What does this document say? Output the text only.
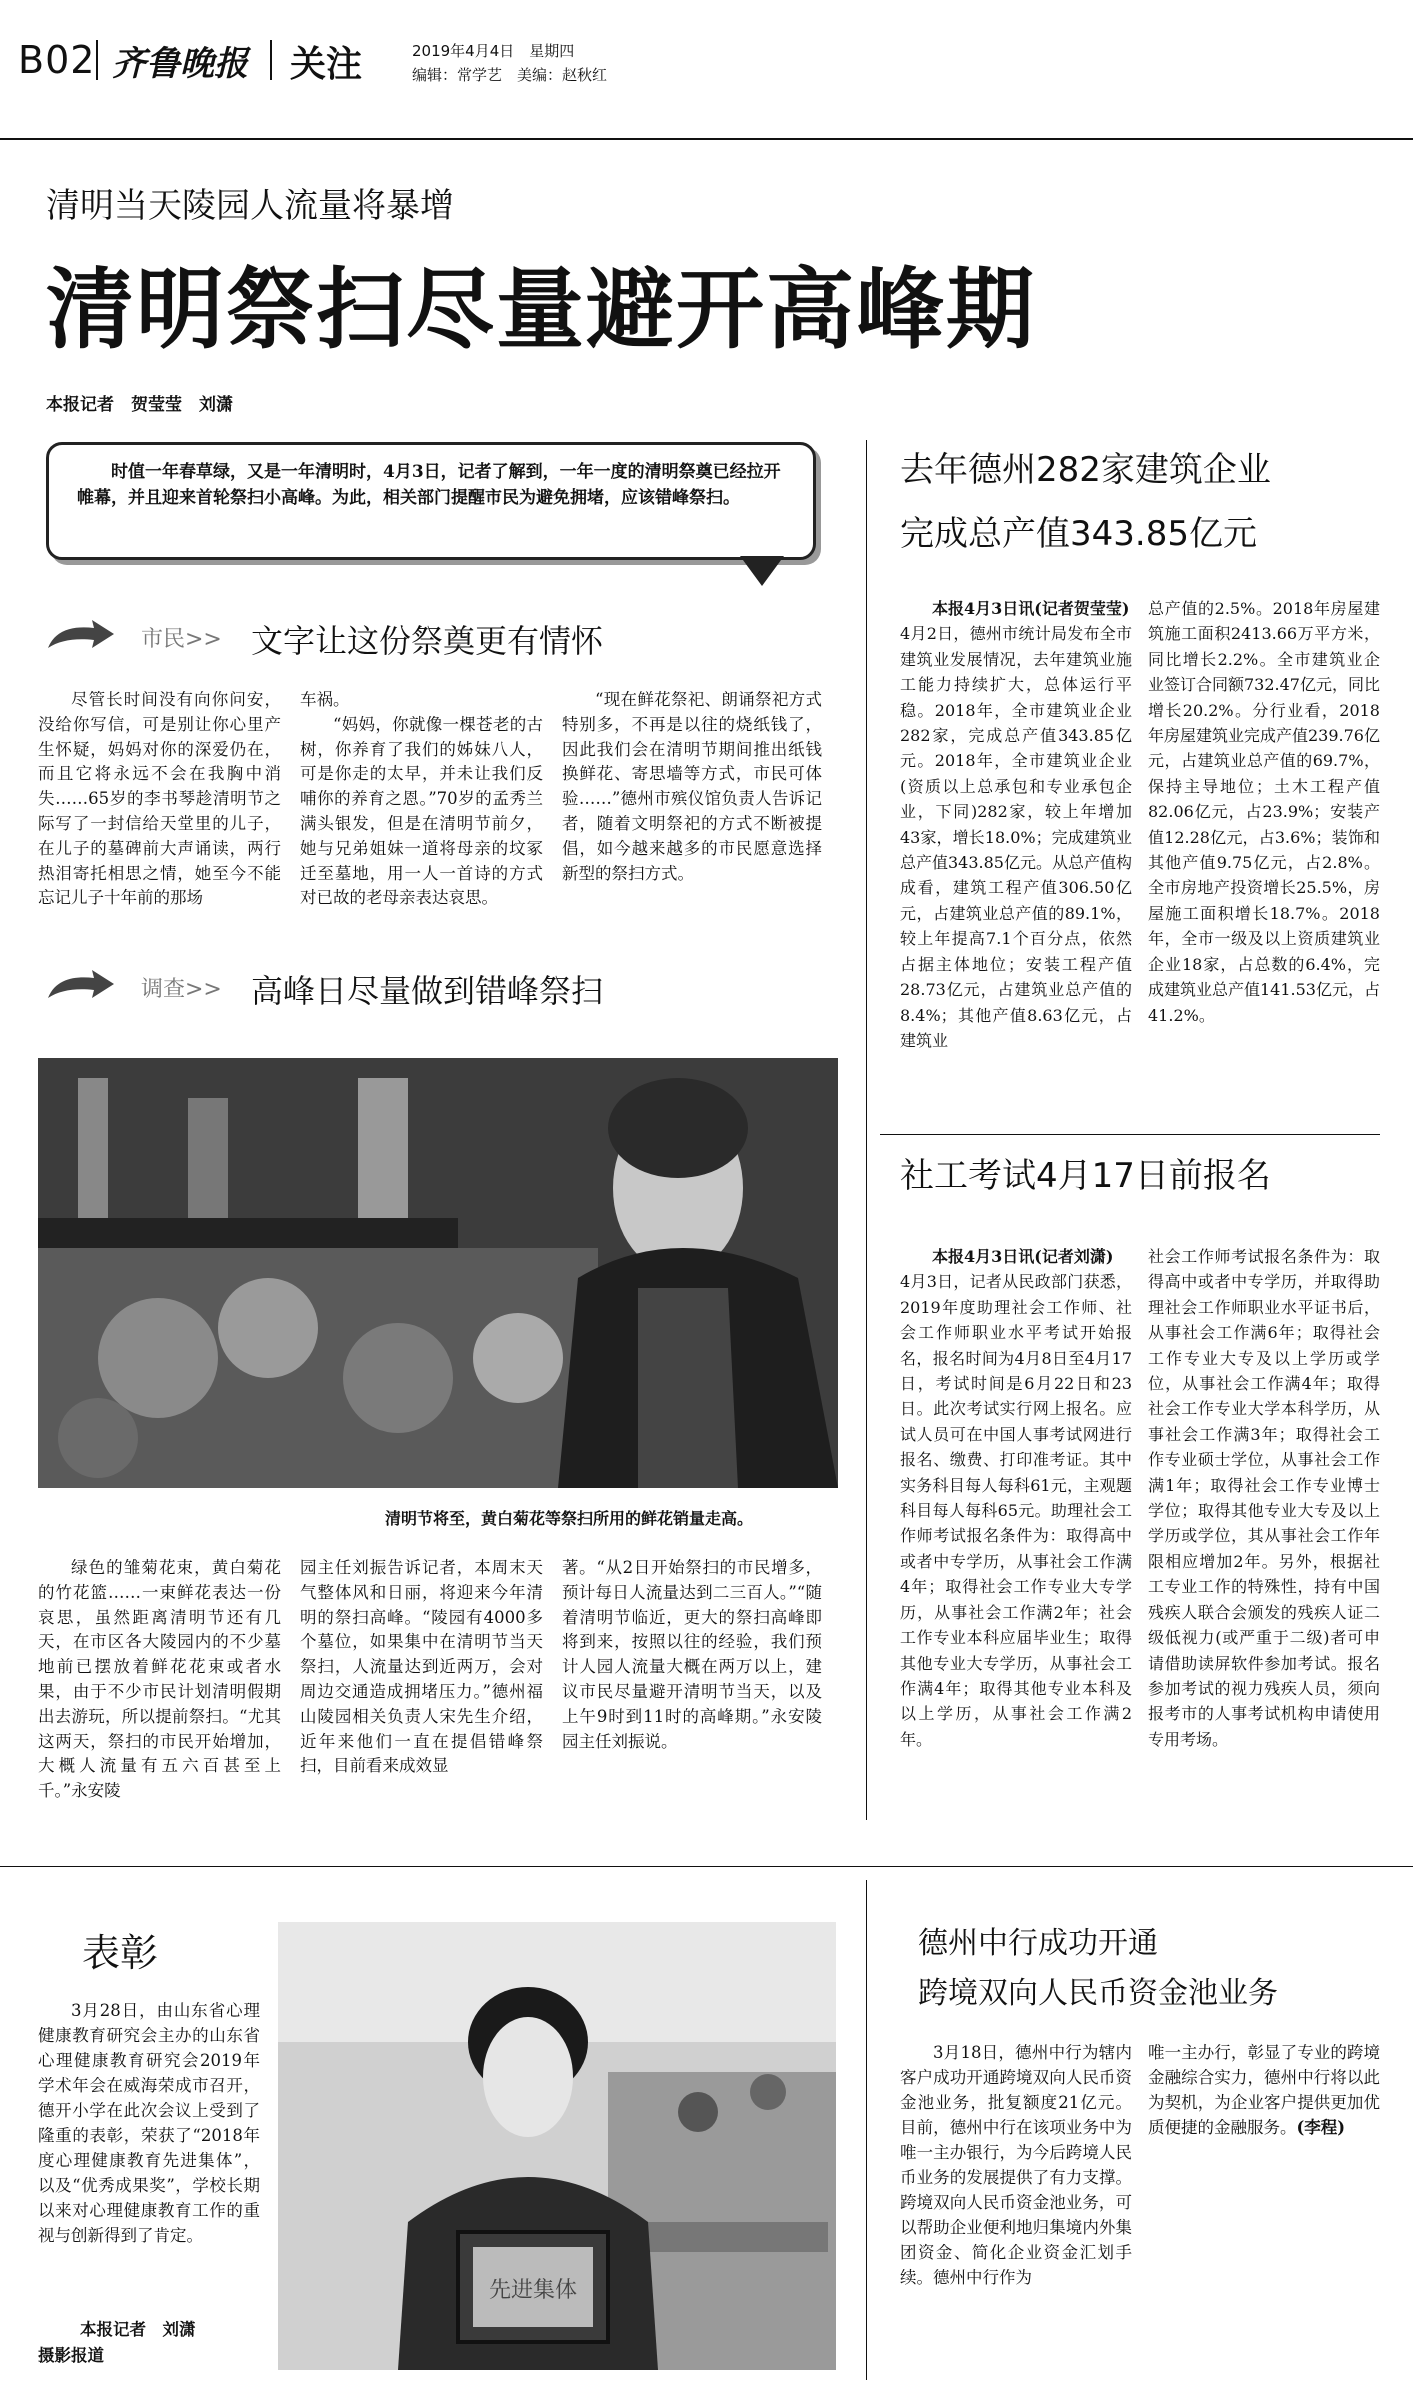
B02 齐鲁晚报 关注	2019年4月4日　星期四
编辑：常学艺　美编：赵秋红
清明当天陵园人流量将暴增
清明祭扫尽量避开高峰期
本报记者　贺莹莹　刘潇
时值一年春草绿，又是一年清明时，4月3日，记者了解到，一年一度的清明祭奠已经拉开帷幕，并且迎来首轮祭扫小高峰。为此，相关部门提醒市民为避免拥堵，应该错峰祭扫。
市民>> 文字让这份祭奠更有情怀

尽管长时间没有向你问安，没给你写信，可是别让你心里产生怀疑，妈妈对你的深爱仍在，而且它将永远不会在我胸中消失……65岁的李书琴趁清明节之际写了一封信给天堂里的儿子，在儿子的墓碑前大声诵读，两行热泪寄托相思之情，她至今不能忘记儿子十年前的那场

车祸。

“妈妈，你就像一棵苍老的古树，你养育了我们的姊妹八人，可是你走的太早，并未让我们反哺你的养育之恩。”70岁的孟秀兰满头银发，但是在清明节前夕，她与兄弟姐妹一道将母亲的坟冢迁至墓地，用一人一首诗的方式对已故的老母亲表达哀思。

“现在鲜花祭祀、朗诵祭祀方式特别多，不再是以往的烧纸钱了，因此我们会在清明节期间推出纸钱换鲜花、寄思墙等方式，市民可体验……”德州市殡仪馆负责人告诉记者，随着文明祭祀的方式不断被提倡，如今越来越多的市民愿意选择新型的祭扫方式。

调查>> 高峰日尽量做到错峰祭扫
清明节将至，黄白菊花等祭扫所用的鲜花销量走高。

绿色的雏菊花束，黄白菊花的竹花篮……一束鲜花表达一份哀思，虽然距离清明节还有几天，在市区各大陵园内的不少墓地前已摆放着鲜花花束或者水果，由于不少市民计划清明假期出去游玩，所以提前祭扫。“尤其这两天，祭扫的市民开始增加，大概人流量有五六百甚至上千。”永安陵

园主任刘振告诉记者，本周末天气整体风和日丽，将迎来今年清明的祭扫高峰。“陵园有4000多个墓位，如果集中在清明节当天祭扫，人流量达到近两万，会对周边交通造成拥堵压力。”德州福山陵园相关负责人宋先生介绍，近年来他们一直在提倡错峰祭扫，目前看来成效显
著。“从2日开始祭扫的市民增多，预计每日人流量达到二三百人。”“随着清明节临近，更大的祭扫高峰即将到来，按照以往的经验，我们预计人园人流量大概在两万以上，建议市民尽量避开清明节当天，以及上午9时到11时的高峰期。”永安陵园主任刘振说。
去年德州282家建筑企业
完成总产值343.85亿元
本报4月3日讯(记者贺莹莹)
4月2日，德州市统计局发布全市建筑业发展情况，去年建筑业施工能力持续扩大，总体运行平稳。2018年，全市建筑业企业282家，完成总产值343.85亿元。2018年，全市建筑业企业(资质以上总承包和专业承包企业，下同)282家，较上年增加43家，增长18.0%；完成建筑业总产值343.85亿元。从总产值构成看，建筑工程产值306.50亿元，占建筑业总产值的89.1%，较上年提高7.1个百分点，依然占据主体地位；安装工程产值28.73亿元，占建筑业总产值的8.4%；其他产值8.63亿元，占建筑业
总产值的2.5%。2018年房屋建筑施工面积2413.66万平方米，同比增长2.2%。全市建筑业企业签订合同额732.47亿元，同比增长20.2%。分行业看，2018年房屋建筑业完成产值239.76亿元，占建筑业总产值的69.7%，保持主导地位；土木工程产值82.06亿元，占23.9%；安装产值12.28亿元，占3.6%；装饰和其他产值9.75亿元，占2.8%。全市房地产投资增长25.5%，房屋施工面积增长18.7%。2018年，全市一级及以上资质建筑业企业18家，占总数的6.4%，完成建筑业总产值141.53亿元，占41.2%。
社工考试4月17日前报名
本报4月3日讯(记者刘潇)
4月3日，记者从民政部门获悉，2019年度助理社会工作师、社会工作师职业水平考试开始报名，报名时间为4月8日至4月17日，考试时间是6月22日和23日。此次考试实行网上报名。应试人员可在中国人事考试网进行报名、缴费、打印准考证。其中实务科目每人每科61元，主观题科目每人每科65元。助理社会工作师考试报名条件为：取得高中或者中专学历，从事社会工作满4年；取得社会工作专业大专学历，从事社会工作满2年；社会工作专业本科应届毕业生；取得其他专业大专学历，从事社会工作满4年；取得其他专业本科及以上学历，从事社会工作满2年。
社会工作师考试报名条件为：取得高中或者中专学历，并取得助理社会工作师职业水平证书后，从事社会工作满6年；取得社会工作专业大专及以上学历或学位，从事社会工作满4年；取得社会工作专业大学本科学历，从事社会工作满3年；取得社会工作专业硕士学位，从事社会工作满1年；取得社会工作专业博士学位；取得其他专业大专及以上学历或学位，其从事社会工作年限相应增加2年。另外，根据社工专业工作的特殊性，持有中国残疾人联合会颁发的残疾人证二级低视力(或严重于二级)者可申请借助读屏软件参加考试。报名参加考试的视力残疾人员，须向报考市的人事考试机构申请使用专用考场。
表彰

3月28日，由山东省心理健康教育研究会主办的山东省心理健康教育研究会2019年学术年会在威海荣成市召开，德开小学在此次会议上受到了隆重的表彰，荣获了“2018年度心理健康教育先进集体”，以及“优秀成果奖”，学校长期以来对心理健康教育工作的重视与创新得到了肯定。

本报记者　刘潇
摄影报道
先进集体
德州中行成功开通
跨境双向人民币资金池业务

3月18日，德州中行为辖内客户成功开通跨境双向人民币资金池业务，批复额度21亿元。目前，德州中行在该项业务中为唯一主办银行，为今后跨境人民币业务的发展提供了有力支撑。跨境双向人民币资金池业务，可以帮助企业便利地归集境内外集团资金、简化企业资金汇划手续。德州中行作为

唯一主办行，彰显了专业的跨境金融综合实力，德州中行将以此为契机，为企业客户提供更加优质便捷的金融服务。(李程)
